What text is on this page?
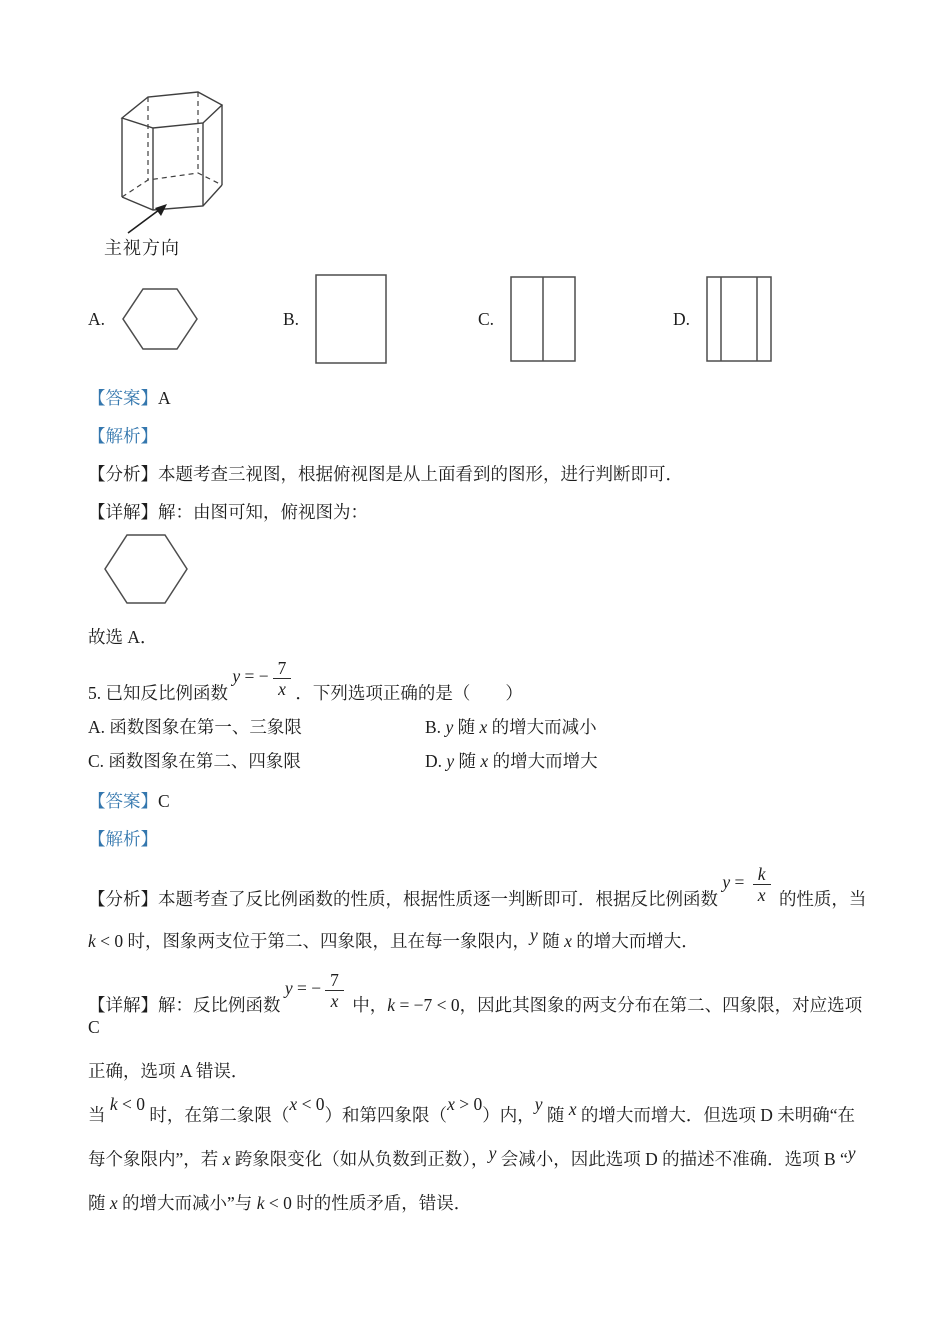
主视方向
A.	B.	C.	D.

【答案】A

【解析】

【分析】本题考查三视图，根据俯视图是从上面看到的图形，进行判断即可．

【详解】解：由图可知，俯视图为：

故选 A．

5. 已知反比例函数 y = − $\frac{7}{x}$ ．下列选项正确的是（　　）

A. 函数图象在第一、三象限	B. y 随 x 的增大而减小

C. 函数图象在第二、四象限	D. y 随 x 的增大而增大

【答案】C

【解析】

【分析】本题考查了反比例函数的性质，根据性质逐一判断即可．根据反比例函数 $y = \frac{k}{x}$ 的性质，当

k < 0 时，图象两支位于第二、四象限，且在每一象限内，y 随 x 的增大而增大．

【详解】解：反比例函数 y = − $\frac{7}{x}$ 中，k = −7 < 0，因此其图象的两支分布在第二、四象限，对应选项 C

正确，选项 A 错误．

当 k < 0 时，在第二象限（x < 0）和第四象限（x > 0）内，y 随 x 的增大而增大．但选项 D 未明确“在

每个象限内”，若 x 跨象限变化（如从负数到正数），y 会减小，因此选项 D 的描述不准确．选项 B “y

随 x 的增大而减小”与 k < 0 时的性质矛盾，错误．
